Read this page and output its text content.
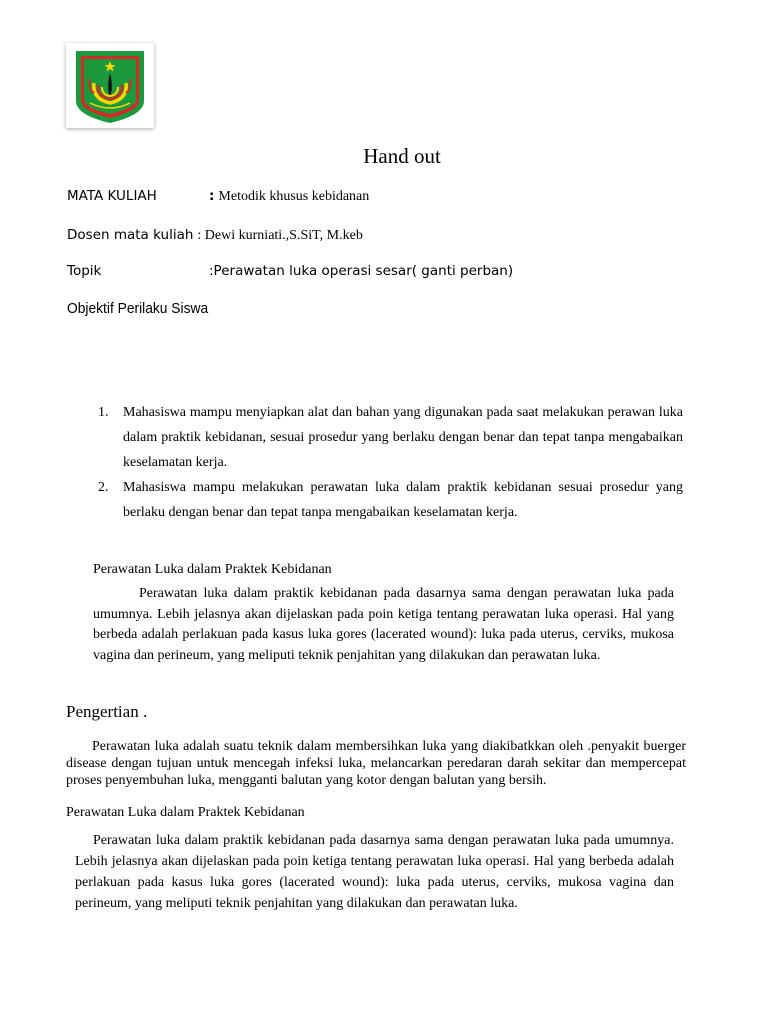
Hand out
MATA KULIAH	: Metodik khusus kebidanan
Dosen mata kuliah : Dewi kurniati.,S.SiT, M.keb
Topik	:Perawatan luka operasi sesar( ganti perban)
Objektif Perilaku Siswa
1. Mahasiswa mampu menyiapkan alat dan bahan yang digunakan pada saat melakukan perawan luka dalam praktik kebidanan, sesuai prosedur yang berlaku dengan benar dan tepat tanpa mengabaikan keselamatan kerja.
2. Mahasiswa mampu melakukan perawatan luka dalam praktik kebidanan sesuai prosedur yang berlaku dengan benar dan tepat tanpa mengabaikan keselamatan kerja.
Perawatan Luka dalam Praktek Kebidanan
Perawatan luka dalam praktik kebidanan pada dasarnya sama dengan perawatan luka pada umumnya. Lebih jelasnya akan dijelaskan pada poin ketiga tentang perawatan luka operasi. Hal yang berbeda adalah perlakuan pada kasus luka gores (lacerated wound): luka pada uterus, cerviks, mukosa vagina dan perineum, yang meliputi teknik penjahitan yang dilakukan dan perawatan luka.
Pengertian .
Perawatan luka adalah suatu teknik dalam membersihkan luka yang diakibatkkan oleh .penyakit buerger disease dengan tujuan untuk mencegah infeksi luka, melancarkan peredaran darah sekitar dan mempercepat proses penyembuhan luka, mengganti balutan yang kotor dengan balutan yang bersih.
Perawatan Luka dalam Praktek Kebidanan
Perawatan luka dalam praktik kebidanan pada dasarnya sama dengan perawatan luka pada umumnya. Lebih jelasnya akan dijelaskan pada poin ketiga tentang perawatan luka operasi. Hal yang berbeda adalah perlakuan pada kasus luka gores (lacerated wound): luka pada uterus, cerviks, mukosa vagina dan perineum, yang meliputi teknik penjahitan yang dilakukan dan perawatan luka.
